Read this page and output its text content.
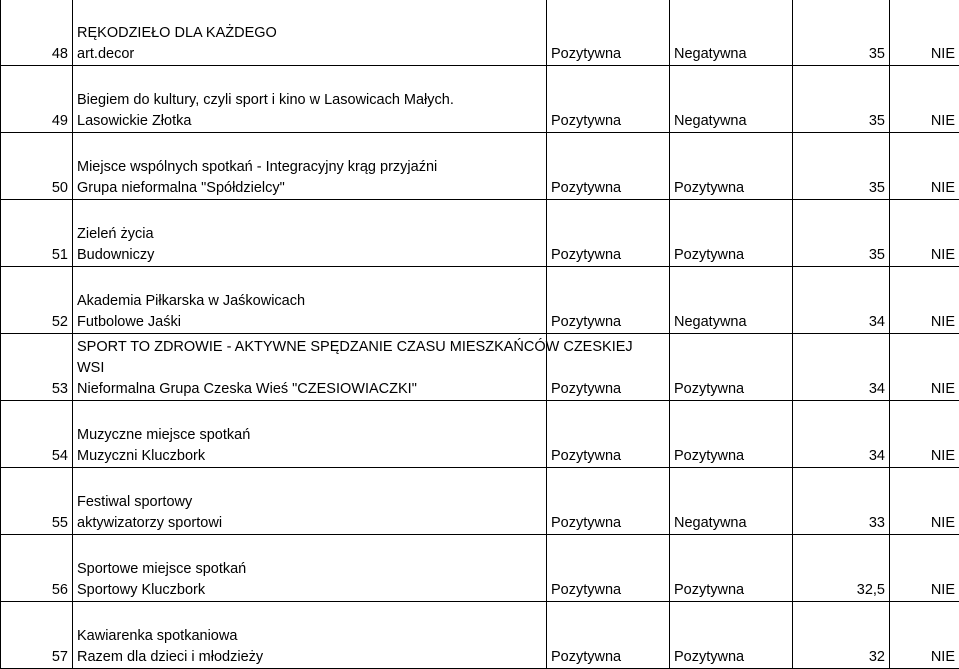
48	RĘKODZIEŁO DLA KAŻDEGO
art.decor	Pozytywna	Negatywna	35	NIE
49	Biegiem do kultury, czyli sport i kino w Lasowicach Małych.
Lasowickie Złotka	Pozytywna	Negatywna	35	NIE
50	Miejsce wspólnych spotkań - Integracyjny krąg przyjaźni
Grupa nieformalna "Spółdzielcy"	Pozytywna	Pozytywna	35	NIE
51	Zieleń życia
Budowniczy	Pozytywna	Pozytywna	35	NIE
52	Akademia Piłkarska w Jaśkowicach
Futbolowe Jaśki	Pozytywna	Negatywna	34	NIE
53	SPORT TO ZDROWIE - AKTYWNE SPĘDZANIE CZASU MIESZKAŃCÓW CZESKIEJ
WSI
Nieformalna Grupa Czeska Wieś "CZESIOWIACZKI"	Pozytywna	Pozytywna	34	NIE
54	Muzyczne miejsce spotkań
Muzyczni Kluczbork	Pozytywna	Pozytywna	34	NIE
55	Festiwal sportowy
aktywizatorzy sportowi	Pozytywna	Negatywna	33	NIE
56	Sportowe miejsce spotkań
Sportowy Kluczbork	Pozytywna	Pozytywna	32,5	NIE
57	Kawiarenka spotkaniowa
Razem dla dzieci i młodzieży	Pozytywna	Pozytywna	32	NIE
